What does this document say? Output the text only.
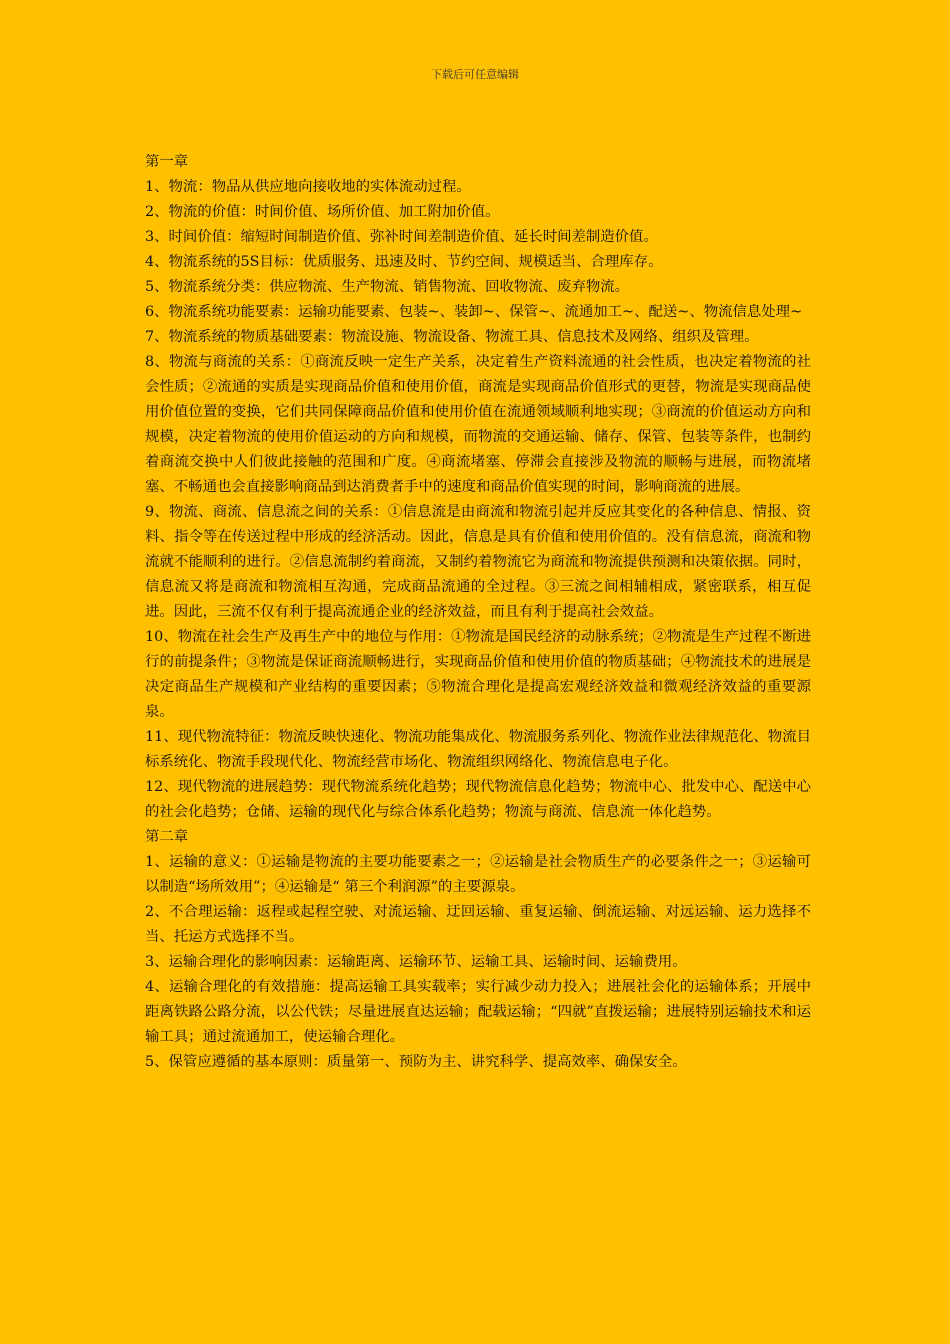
下载后可任意编辑

第一章

1、物流：物品从供应地向接收地的实体流动过程。

2、物流的价值：时间价值、场所价值、加工附加价值。

3、时间价值：缩短时间制造价值、弥补时间差制造价值、延长时间差制造价值。

4、物流系统的5S目标：优质服务、迅速及时、节约空间、规模适当、合理库存。

5、物流系统分类：供应物流、生产物流、销售物流、回收物流、废弃物流。

6、物流系统功能要素：运输功能要素、包装~、装卸~、保管~、流通加工~、配送~、物流信息处理~

7、物流系统的物质基础要素：物流设施、物流设备、物流工具、信息技术及网络、组织及管理。

8、物流与商流的关系：①商流反映一定生产关系，决定着生产资料流通的社会性质，也决定着物流的社会性质；②流通的实质是实现商品价值和使用价值，商流是实现商品价值形式的更替，物流是实现商品使用价值位置的变换，它们共同保障商品价值和使用价值在流通领域顺利地实现；③商流的价值运动方向和规模，决定着物流的使用价值运动的方向和规模，而物流的交通运输、储存、保管、包装等条件，也制约着商流交换中人们彼此接触的范围和广度。④商流堵塞、停滞会直接涉及物流的顺畅与进展，而物流堵塞、不畅通也会直接影响商品到达消费者手中的速度和商品价值实现的时间，影响商流的进展。

9、物流、商流、信息流之间的关系：①信息流是由商流和物流引起并反应其变化的各种信息、情报、资料、指令等在传送过程中形成的经济活动。因此，信息是具有价值和使用价值的。没有信息流，商流和物流就不能顺利的进行。②信息流制约着商流，又制约着物流它为商流和物流提供预测和决策依据。同时，信息流又将是商流和物流相互沟通，完成商品流通的全过程。③三流之间相辅相成，紧密联系，相互促进。因此，三流不仅有利于提高流通企业的经济效益，而且有利于提高社会效益。

10、物流在社会生产及再生产中的地位与作用：①物流是国民经济的动脉系统；②物流是生产过程不断进行的前提条件；③物流是保证商流顺畅进行，实现商品价值和使用价值的物质基础；④物流技术的进展是决定商品生产规模和产业结构的重要因素；⑤物流合理化是提高宏观经济效益和微观经济效益的重要源泉。

11、现代物流特征：物流反映快速化、物流功能集成化、物流服务系列化、物流作业法律规范化、物流目标系统化、物流手段现代化、物流经营市场化、物流组织网络化、物流信息电子化。

12、现代物流的进展趋势：现代物流系统化趋势；现代物流信息化趋势；物流中心、批发中心、配送中心的社会化趋势；仓储、运输的现代化与综合体系化趋势；物流与商流、信息流一体化趋势。

第二章

1、运输的意义：①运输是物流的主要功能要素之一；②运输是社会物质生产的必要条件之一；③运输可以制造“场所效用”；④运输是“ 第三个利润源”的主要源泉。

2、不合理运输：返程或起程空驶、对流运输、迂回运输、重复运输、倒流运输、对远运输、运力选择不当、托运方式选择不当。

3、运输合理化的影响因素：运输距离、运输环节、运输工具、运输时间、运输费用。

4、运输合理化的有效措施：提高运输工具实载率；实行减少动力投入；进展社会化的运输体系；开展中距离铁路公路分流，以公代铁；尽量进展直达运输；配载运输；“四就”直拨运输；进展特别运输技术和运输工具；通过流通加工，使运输合理化。

5、保管应遵循的基本原则：质量第一、预防为主、讲究科学、提高效率、确保安全。
